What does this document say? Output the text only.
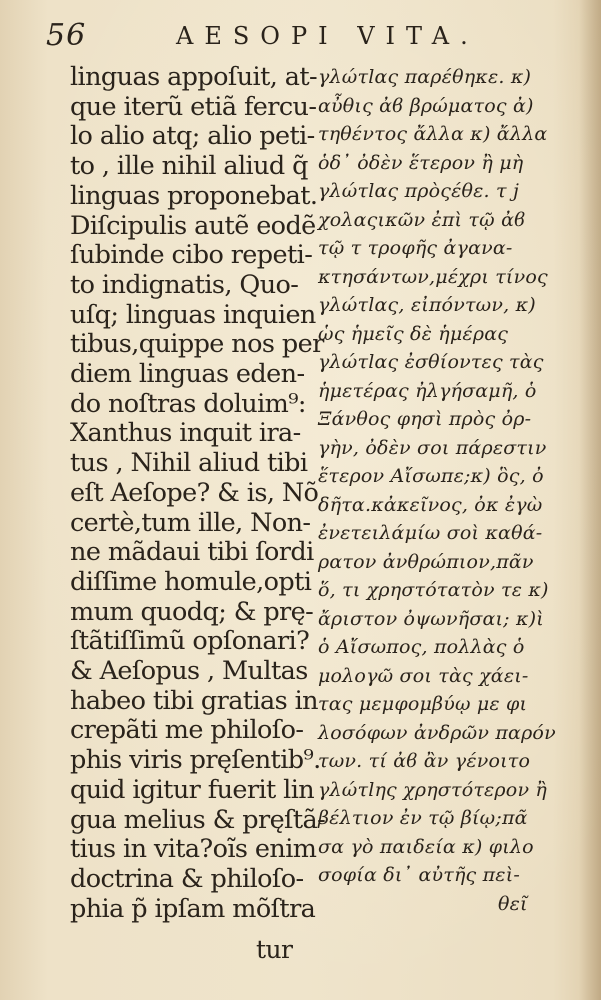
56	AESOPI VITA.
linguas appoſuit, at-
que iterũ etiã fercu-
lo alio atq; alio peti-
to , ille nihil aliud q̃
linguas proponebat.
Diſcipulis autẽ eodẽ
ſubinde cibo repeti-
to indignatis, Quo-
uſq; linguas inquien
tibus,quippe nos per
diem linguas eden-
do noſtras doluim⁹:
Xanthus inquit ira-
tus , Nihil aliud tibi
eſt Aeſope? & is, Nõ
certè,tum ille, Non-
ne mãdaui tibi ſordi
diſſime homule,opti
mum quodq; & prę-
ſtãtiſſimũ opſonari?
& Aeſopus , Multas
habeo tibi gratias in
crepãti me philoſo-
phis viris pręſentib⁹.
quid igitur fuerit lin
gua melius & pręſtã-
tius in vita?oĩs enim
doctrina & philoſo-
phia p̃ ipſam mõſtra
γλώτlας παρέθηκε. κ)
αὖθις ἀϐ βρώματος ἀ)
τηθέντος ἄλλα κ) ἄλλα
ὁδ᾽ ὀδὲν ἕτερον ἢ μὴ
γλώτlας πρὸςέθε. τ ϳ
χολαςικῶν ἐπὶ τῷ ἀϐ
τῷ τ τροφῆς ἀγανα-
κτησάντων,μέχρι τίνος
γλώτlας, εἰπόντων, κ)
ὡς ἡμεῖς δὲ ἡμέρας
γλώτlας ἐσθίοντες τὰς
ἡμετέρας ἠλγήσαμῆ, ὁ
Ξάνθος φησὶ πρὸς ὀρ-
γὴν, ὀδὲν σοι πάρεστιν
ἕτερον Αἴσωπε;κ) ὃς, ὀ
δῆτα.κἀκεῖνος, ὀκ ἐγὼ
ἐνετειλάμίω σοὶ καθά-
ρατον ἀνθρώπιον,πᾶν
ὅ, τι χρηστότατὸν τε κ)
ἄριστον ὀψωνῆσαι; κ)ὶ
ὁ Αἴσωπος, πολλὰς ὁ
μολογῶ σοι τὰς χάει-
τας μεμφομβύῳ με φι
λοσόφων ἀνδρῶν παρόν
των. τί ἀϐ ἂν γένοιτο
γλώτlης χρηστότερον ἢ
βέλτιον ἐν τῷ βίῳ;πᾶ
σα γὸ παιδεία κ) φιλο
σοφία δι᾽ αὐτῆς πεὶ-
θεῖ
tur
